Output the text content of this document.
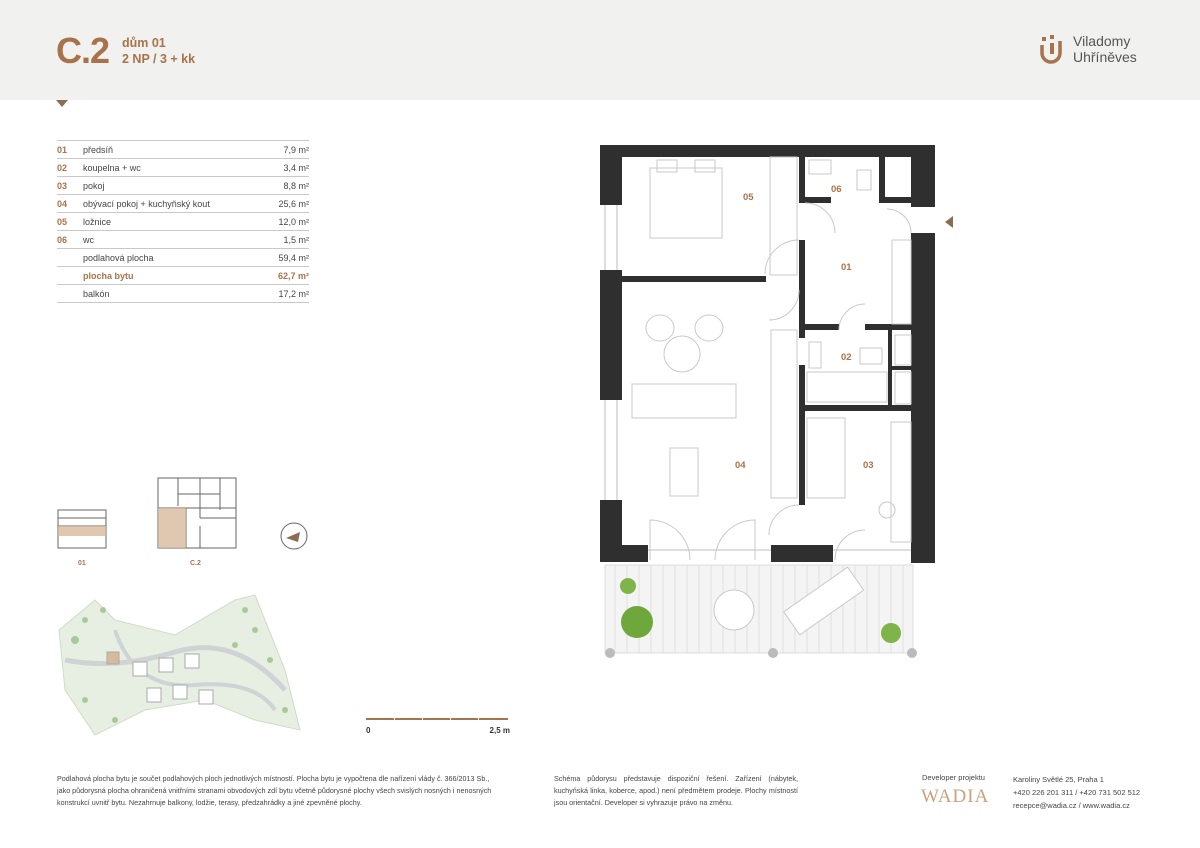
C.2 dům 01
2 NP / 3 + kk
Viladomy
Uhříněves
01 předsíň	7,9 m²
02 koupelna + wc	3,4 m²
03 pokoj	8,8 m²
04 obývací pokoj + kuchyňský kout	25,6 m²
05 ložnice	12,0 m²
06 wc	1,5 m²
podlahová plocha	59,4 m²
plocha bytu	62,7 m²
balkón	17,2 m²
05
06
01
02
03
04
01	C.2
0	2,5 m
Podlahová plocha bytu je součet podlahových ploch jednotlivých místností. Plocha bytu je vypočtena dle nařízení vlády č. 366/2013 Sb., jako půdorysná plocha ohraničená vnitřními stranami obvodových zdí bytu včetně půdorysné plochy všech svislých nosných i nenosných konstrukcí uvnitř bytu. Nezahrnuje balkony, lodžie, terasy, předzahrádky a jiné zpevněné plochy.
Schéma půdorysu představuje dispoziční řešení. Zařízení (nábytek, kuchyňská linka, koberce, apod.) není předmětem prodeje. Plochy místností jsou orientační. Developer si vyhrazuje právo na změnu.
Developer projektu
WADIA
Karoliny Světlé 25, Praha 1
+420 226 201 311 / +420 731 502 512
recepce@wadia.cz / www.wadia.cz
